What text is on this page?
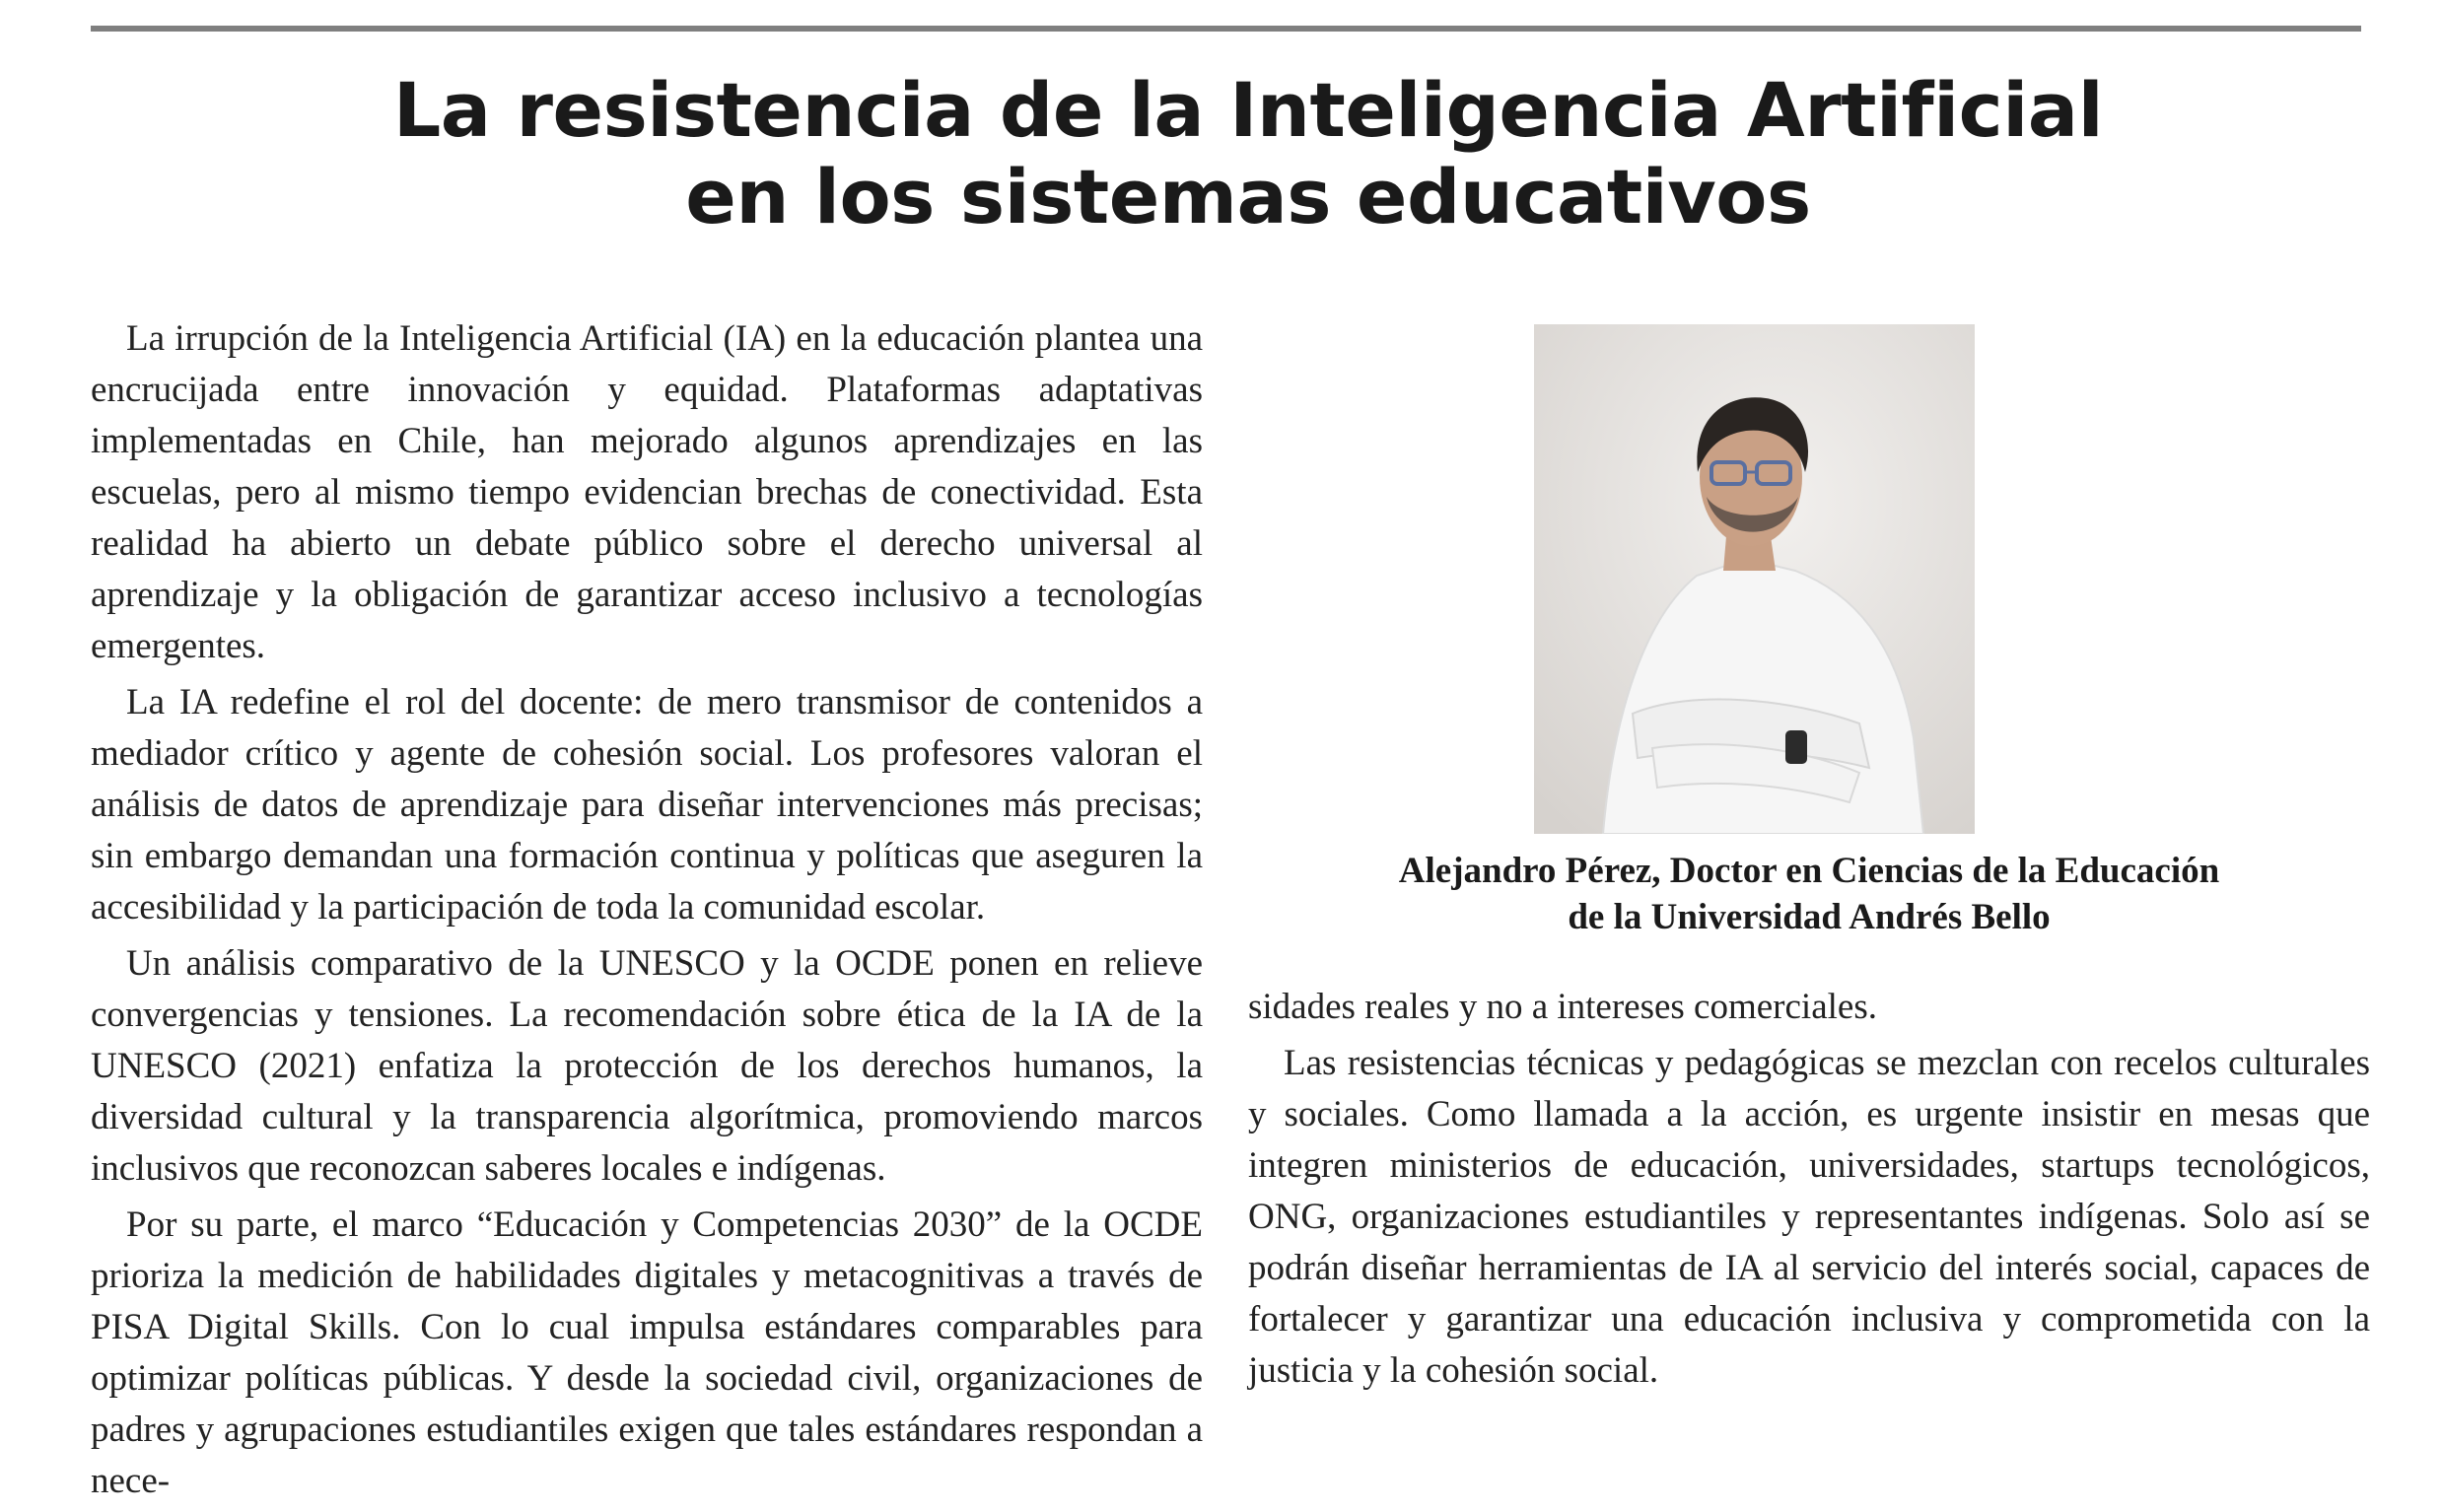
La resistencia de la Inteligencia Artificial
en los sistemas educativos

La irrupción de la Inteligencia Artificial (IA) en la educación plantea una encrucijada entre innovación y equidad. Plataformas adaptativas implementadas en Chile, han mejorado algunos aprendizajes en las escuelas, pero al mismo tiempo evidencian brechas de conectividad. Esta realidad ha abierto un debate público sobre el derecho universal al aprendizaje y la obligación de garantizar acceso inclusivo a tecnologías emergentes.

La IA redefine el rol del docente: de mero transmisor de contenidos a mediador crítico y agente de cohesión social. Los profesores valoran el análisis de datos de aprendizaje para diseñar intervenciones más precisas; sin embargo demandan una formación continua y políticas que aseguren la accesibilidad y la participación de toda la comunidad escolar.

Un análisis comparativo de la UNESCO y la OCDE ponen en relieve convergencias y tensiones. La recomendación sobre ética de la IA de la UNESCO (2021) enfatiza la protección de los derechos humanos, la diversidad cultural y la transparencia algorítmica, promoviendo marcos inclusivos que reconozcan saberes locales e indígenas.

Por su parte, el marco “Educación y Competencias 2030” de la OCDE prioriza la medición de habilidades digitales y metacognitivas a través de PISA Digital Skills. Con lo cual impulsa estándares comparables para optimizar políticas públicas. Y desde la sociedad civil, organizaciones de padres y agrupaciones estudiantiles exigen que tales estándares respondan a nece-

Alejandro Pérez, Doctor en Ciencias de la Educación
de la Universidad Andrés Bello

sidades reales y no a intereses comerciales.

Las resistencias técnicas y pedagógicas se mezclan con recelos culturales y sociales. Como llamada a la acción, es urgente insistir en mesas que integren ministerios de educación, universidades, startups tecnológicos, ONG, organizaciones estudiantiles y representantes indígenas. Solo así se podrán diseñar herramientas de IA al servicio del interés social, capaces de fortalecer y garantizar una educación inclusiva y comprometida con la justicia y la cohesión social.
